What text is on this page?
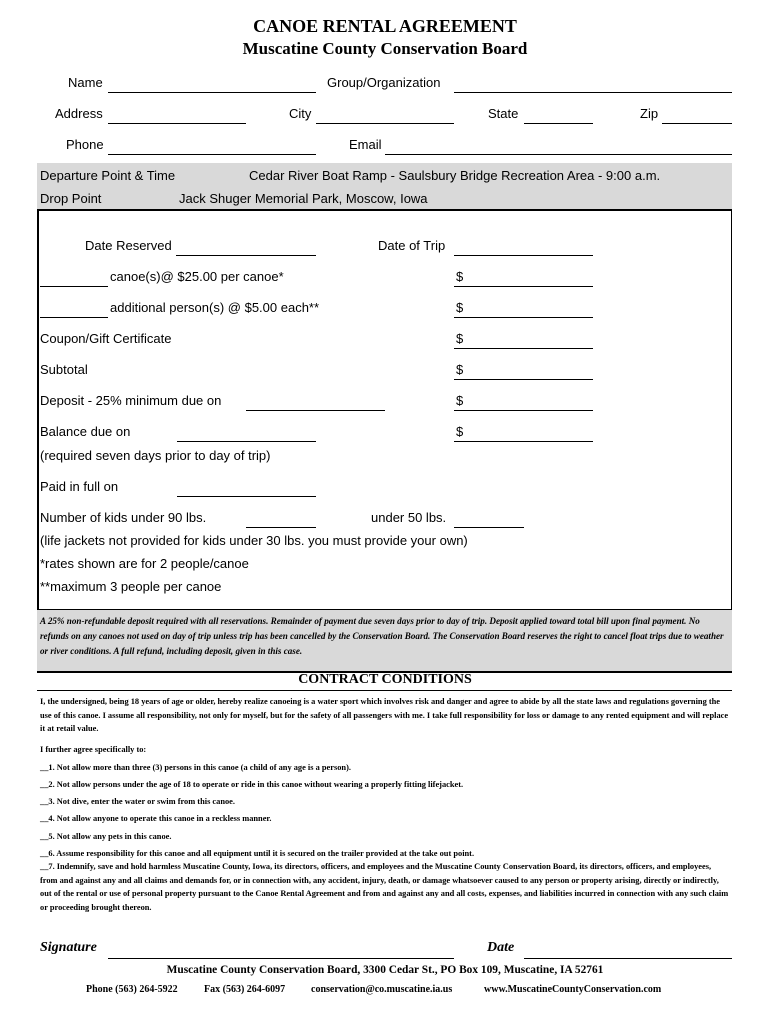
CANOE RENTAL AGREEMENT
Muscatine County Conservation Board
Name	Group/Organization
Address	City	State	Zip
Phone	Email
Departure Point & Time	Cedar River Boat Ramp - Saulsbury Bridge Recreation Area - 9:00 a.m.
Drop Point	Jack Shuger Memorial Park, Moscow, Iowa
Date Reserved	Date of Trip
canoe(s)@ $25.00 per canoe*	$
additional person(s) @ $5.00 each**	$
Coupon/Gift Certificate	$
Subtotal	$
Deposit - 25% minimum due on	$
Balance due on	$
(required seven days prior to day of trip)
Paid in full on
Number of kids under 90 lbs.	under 50 lbs.
(life jackets not provided for kids under 30 lbs. you must provide your own)
*rates shown are for 2 people/canoe
**maximum 3 people per canoe
A 25% non-refundable deposit required with all reservations. Remainder of payment due seven days prior to day of trip. Deposit applied toward total bill upon final payment. No refunds on any canoes not used on day of trip unless trip has been cancelled by the Conservation Board. The Conservation Board reserves the right to cancel float trips due to weather or river conditions. A full refund, including deposit, given in this case.
CONTRACT CONDITIONS
I, the undersigned, being 18 years of age or older, hereby realize canoeing is a water sport which involves risk and danger and agree to abide by all the state laws and regulations governing the use of this canoe. I assume all responsibility, not only for myself, but for the safety of all passengers with me. I take full responsibility for loss or damage to any rented equipment and will replace it at retail value.
I further agree specifically to:
__1. Not allow more than three (3) persons in this canoe (a child of any age is a person).
__2. Not allow persons under the age of 18 to operate or ride in this canoe without wearing a properly fitting lifejacket.
__3. Not dive, enter the water or swim from this canoe.
__4. Not allow anyone to operate this canoe in a reckless manner.
__5. Not allow any pets in this canoe.
__6. Assume responsibility for this canoe and all equipment until it is secured on the trailer provided at the take out point.
__7. Indemnify, save and hold harmless Muscatine County, Iowa, its directors, officers, and employees and the Muscatine County Conservation Board, its directors, officers, and employees, from and against any and all claims and demands for, or in connection with, any accident, injury, death, or damage whatsoever caused to any person or property arising, directly or indirectly, out of the rental or use of personal property pursuant to the Canoe Rental Agreement and from and against any and all costs, expenses, and liabilities incurred in connection with any such claim or proceeding brought thereon.
Signature	Date
Muscatine County Conservation Board, 3300 Cedar St., PO Box 109, Muscatine, IA 52761
Phone (563) 264-5922	Fax (563) 264-6097	conservation@co.muscatine.ia.us	www.MuscatineCountyConservation.com
